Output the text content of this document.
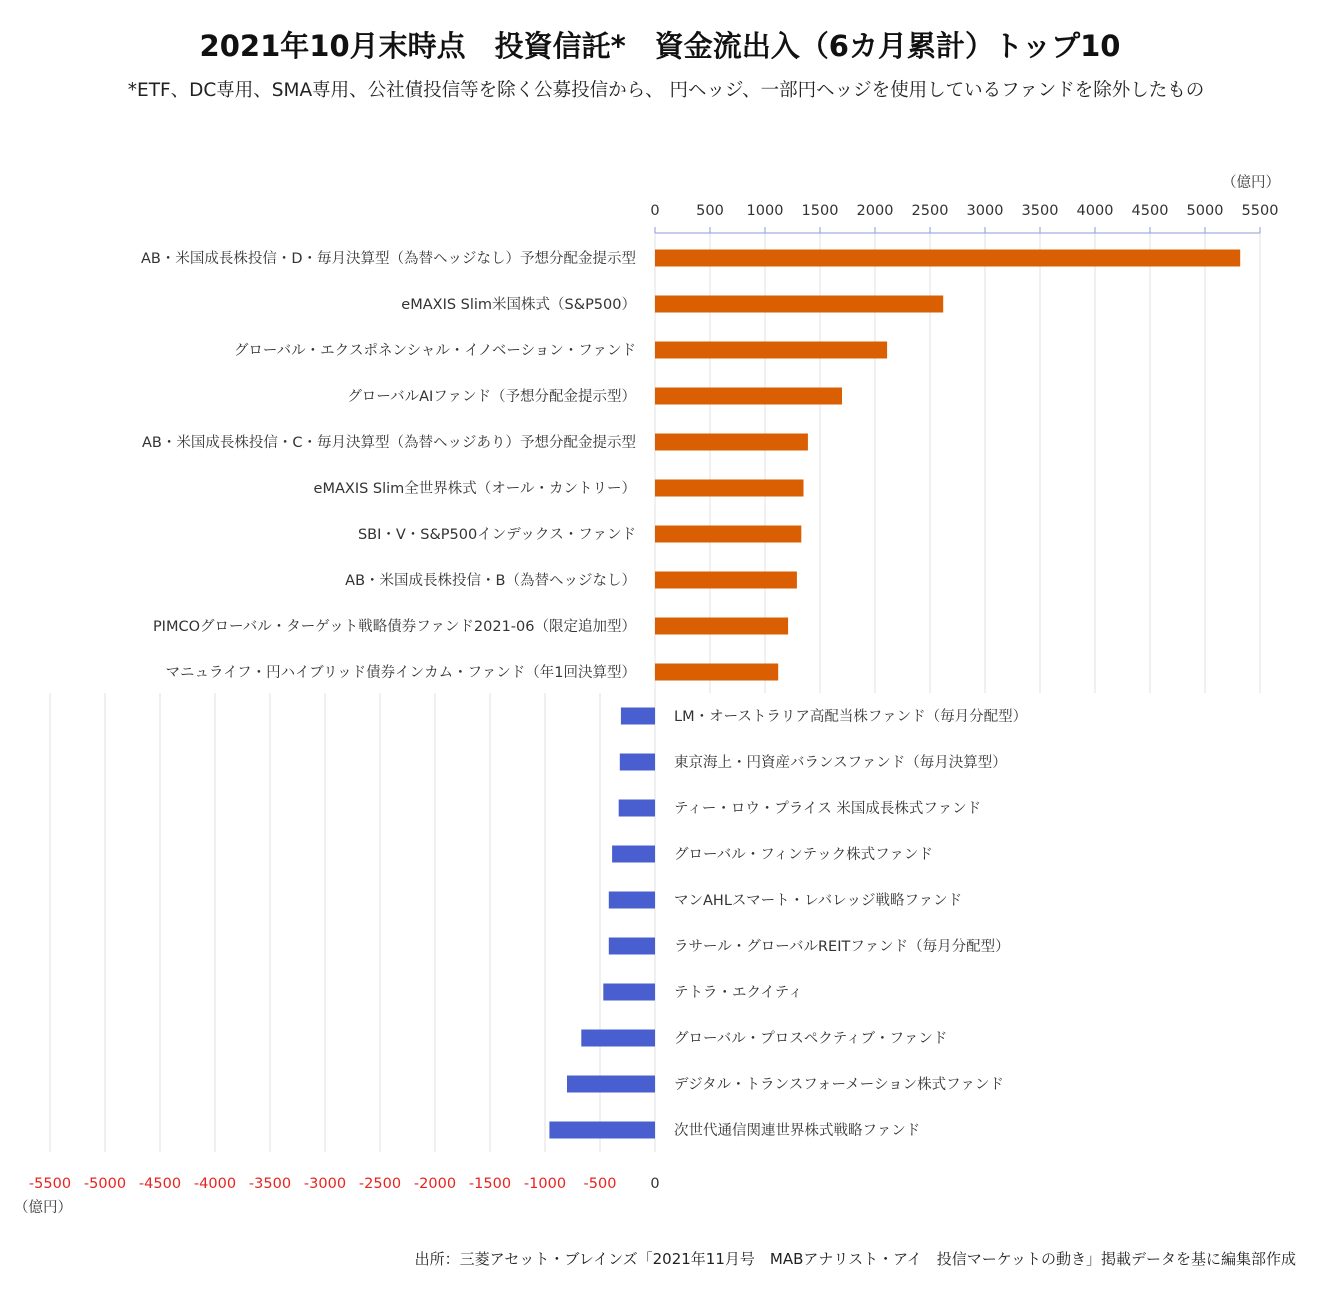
2021年10月末時点　投資信託*　資金流出入（6カ月累計）トップ10
*ETF、DC専用、SMA専用、公社債投信等を除く公募投信から、 円ヘッジ、一部円ヘッジを使用しているファンドを除外したもの
0	500 1000 1500 2000 2500 3000 3500 4000 4500 5000 5500
（億円）
-5500 -5000 -4500 -4000 -3500 -3000 -2500 -2000 -1500 -1000 -500 0
（億円）
AB・米国成長株投信・D・毎月決算型（為替ヘッジなし）予想分配金提示型
eMAXIS Slim米国株式（S&P500）
グローバル・エクスポネンシャル・イノベーション・ファンド
グローバルAIファンド（予想分配金提示型）
AB・米国成長株投信・C・毎月決算型（為替ヘッジあり）予想分配金提示型
eMAXIS Slim全世界株式（オール・カントリー）
SBI・V・S&P500インデックス・ファンド
AB・米国成長株投信・B（為替ヘッジなし）
PIMCOグローバル・ターゲット戦略債券ファンド2021-06（限定追加型）
マニュライフ・円ハイブリッド債券インカム・ファンド（年1回決算型）
LM・オーストラリア高配当株ファンド（毎月分配型）
東京海上・円資産バランスファンド（毎月決算型）
ティー・ロウ・プライス 米国成長株式ファンド
グローバル・フィンテック株式ファンド
マンAHLスマート・レバレッジ戦略ファンド
ラサール・グローバルREITファンド（毎月分配型）
テトラ・エクイティ
グローバル・プロスペクティブ・ファンド
デジタル・トランスフォーメーション株式ファンド
次世代通信関連世界株式戦略ファンド
出所：三菱アセット・ブレインズ「2021年11月号　MABアナリスト・アイ　投信マーケットの動き」掲載データを基に編集部作成
